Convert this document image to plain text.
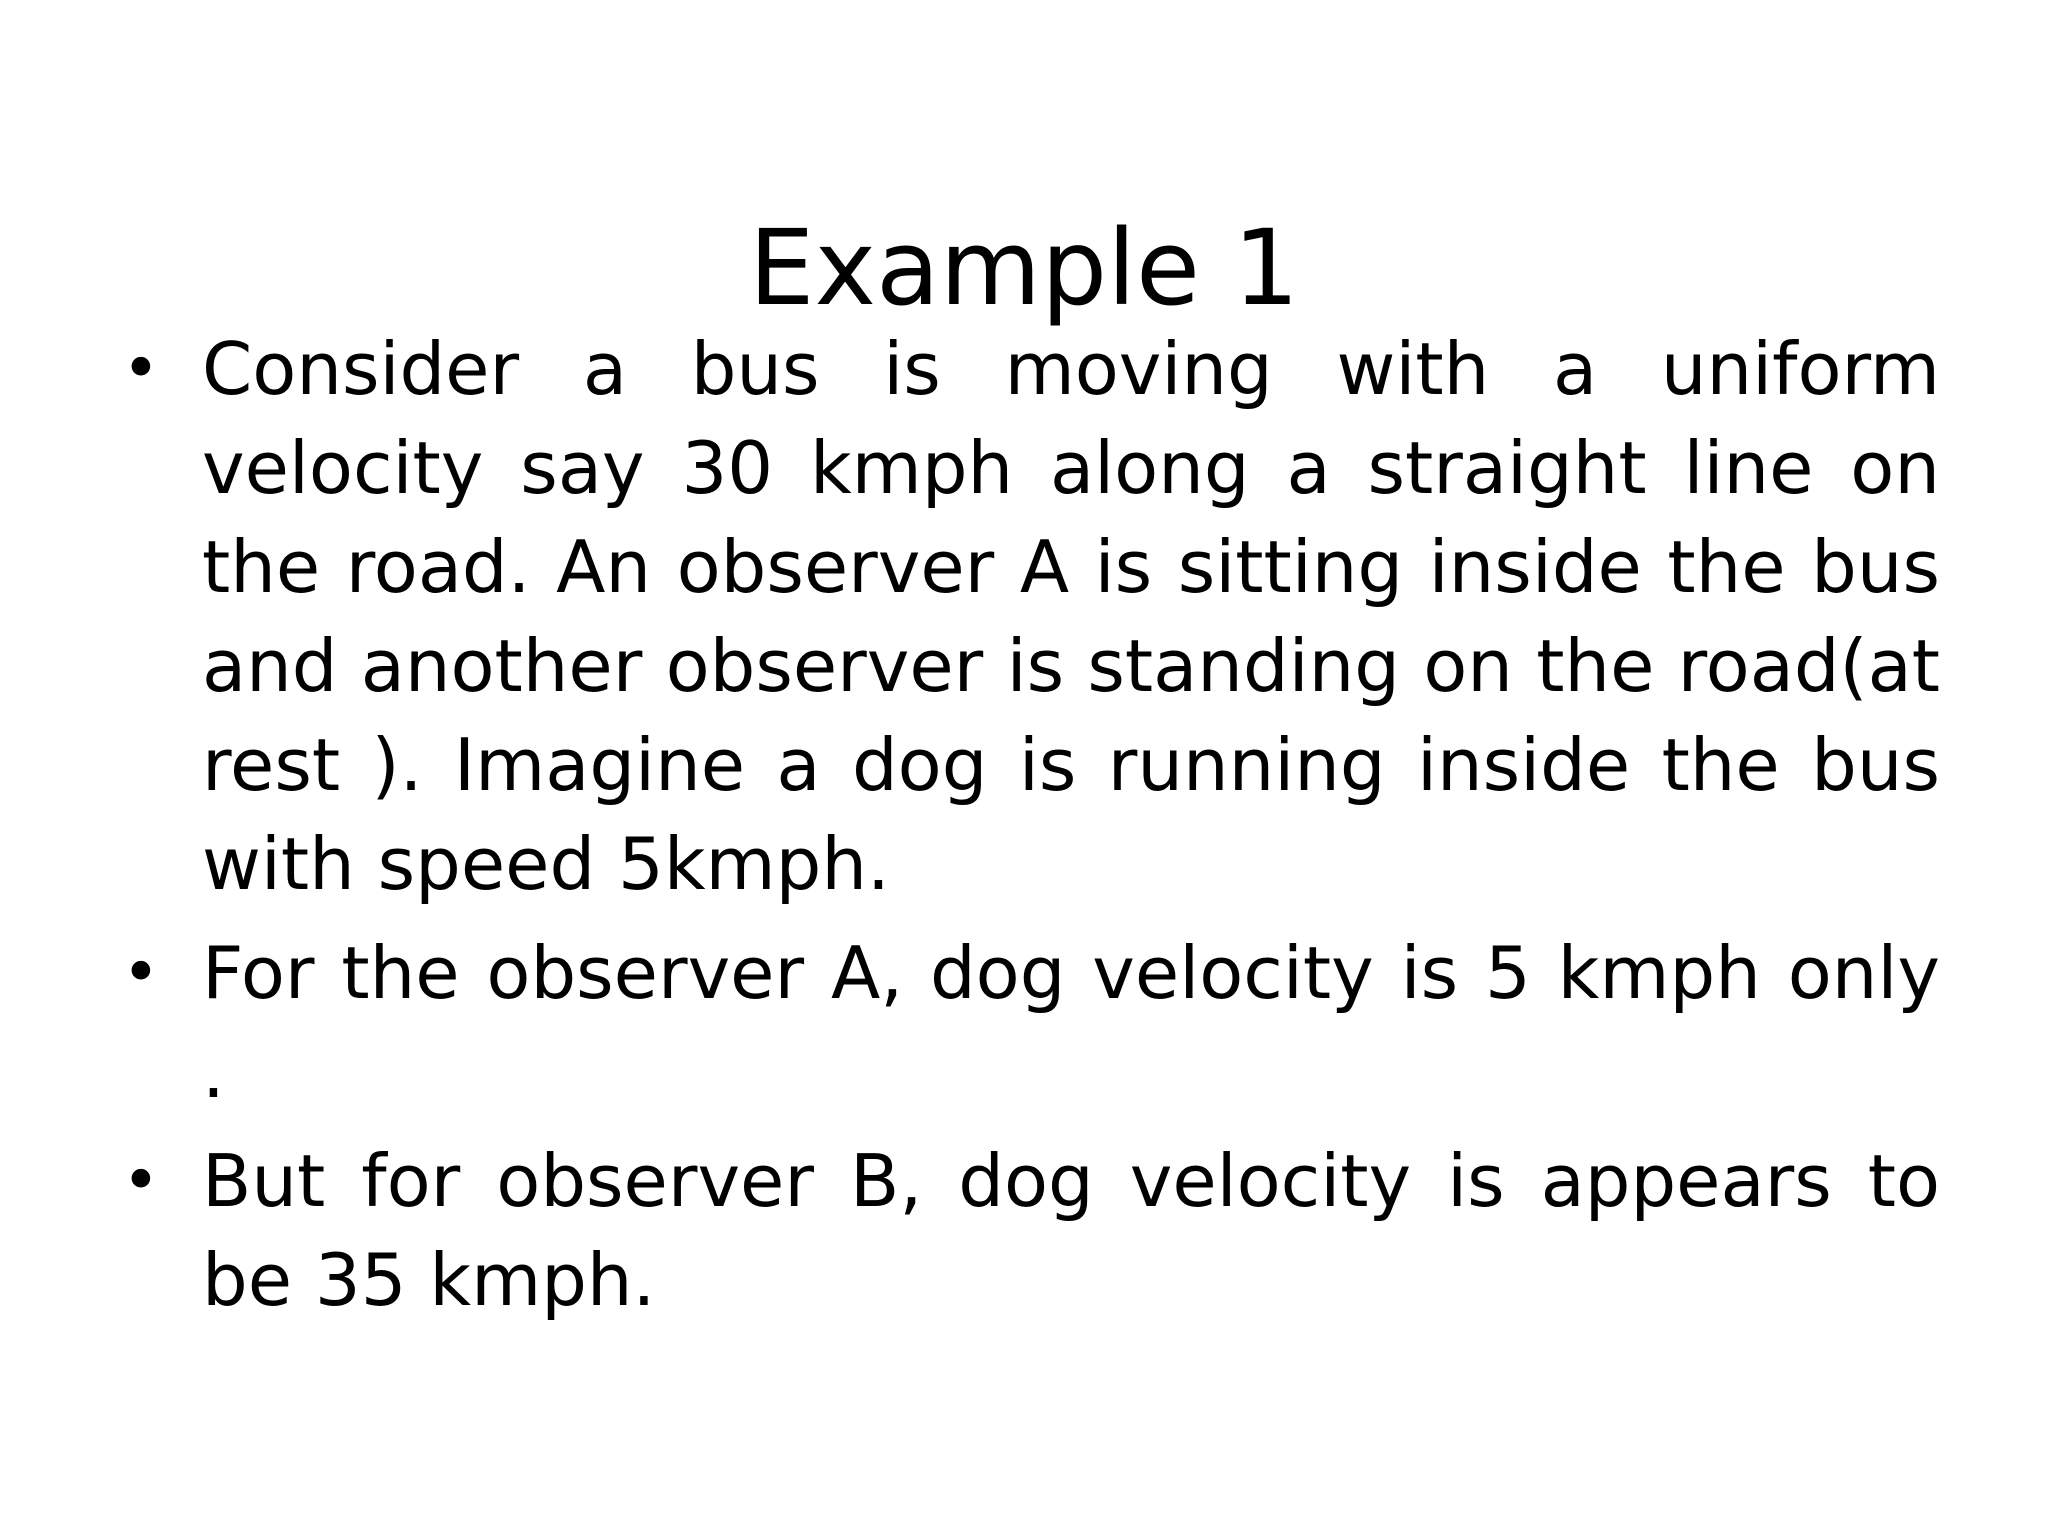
Example 1
• Consider a bus is moving with a uniform velocity say 30 kmph along a straight line on the road. An observer A is sitting inside the bus and another observer is standing on the road(at rest ). Imagine a dog is running inside the bus with speed 5kmph.
• For the observer A, dog velocity is 5 kmph only .
• But for observer B, dog velocity is appears to be 35 kmph.
